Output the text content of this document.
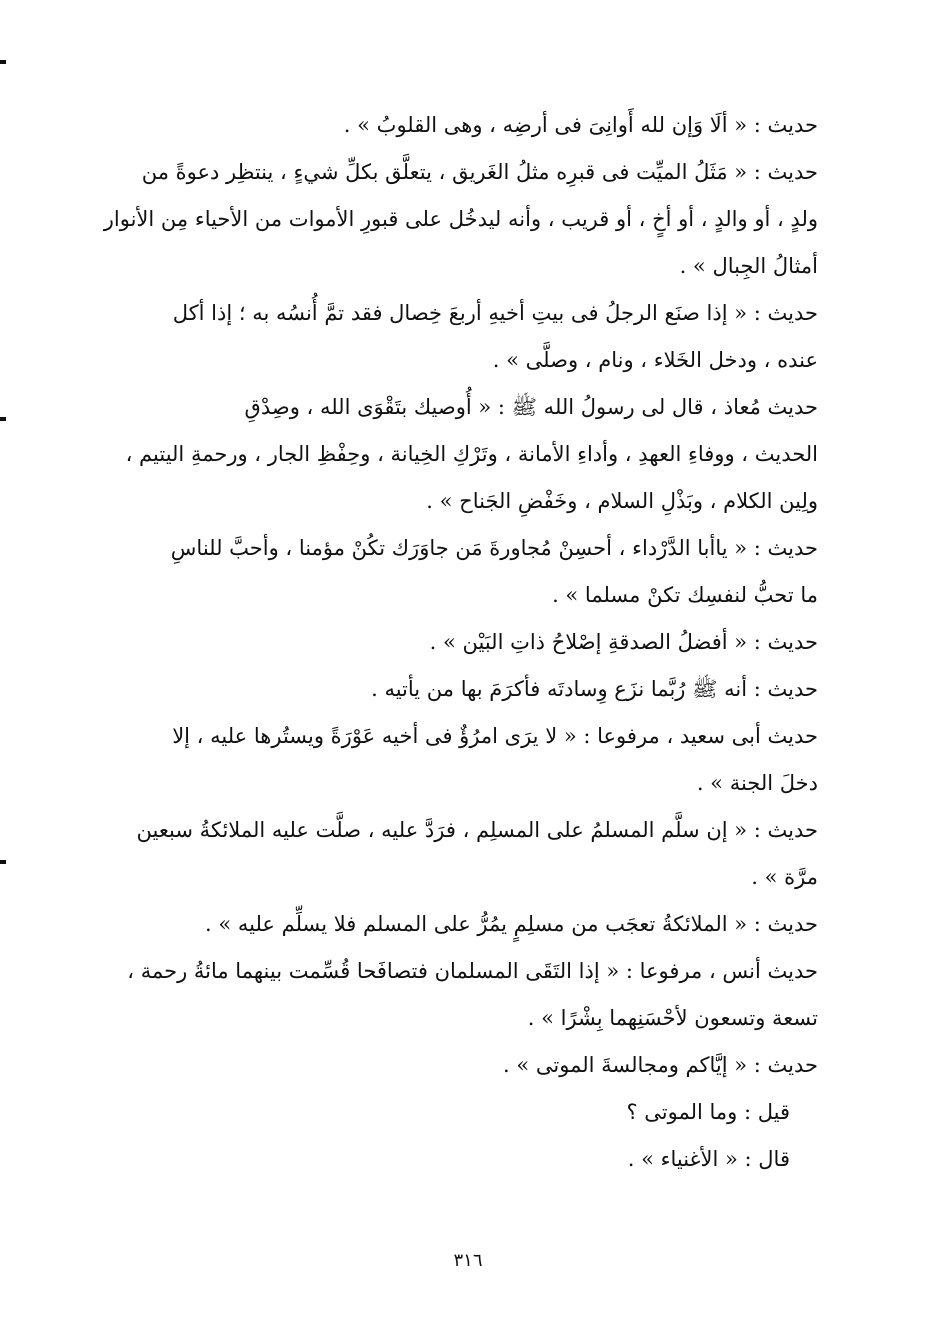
حديث : « ألَا وَإن لله أَوانِىَ فى أرضِه ، وهى القلوبُ » .
حديث : « مَثَلُ الميِّت فى قبرِه مثلُ الغَريق ، يتعلَّق بكلِّ شيءٍ ، ينتظِر دعوةً من
ولدٍ ، أو والدٍ ، أو أخٍ ، أو قريب ، وأنه ليدخُل على قبورِ الأموات من الأحياء مِن الأنوار
أمثالُ الجِبال » .
حديث : « إذا صنَع الرجلُ فى بيتِ أخيهِ أربعَ خِصال فقد تمَّ أُنسُه به ؛ إذا أكل
عنده ، ودخل الخَلاء ، ونام ، وصلَّى » .
حديث مُعاذ ، قال لى رسولُ الله ﷺ : « أُوصيك بتَقْوَى الله ، وصِدْقِ
الحديث ، ووفاءِ العهدِ ، وأداءِ الأمانة ، وتَرْكِ الخِيانة ، وحِفْظِ الجار ، ورحمةِ اليتيم ،
ولِين الكلام ، وبَذْلِ السلام ، وخَفْضِ الجَناح » .
حديث : « ياأبا الدَّرْداء ، أحسِنْ مُجاورةَ مَن جاوَرَك تكُنْ مؤمنا ، وأحبَّ للناسِ
ما تحبُّ لنفسِك تكنْ مسلما » .
حديث : « أفضلُ الصدقةِ إصْلاحُ ذاتِ البَيْن » .
حديث : أنه ﷺ رُبَّما نزَع وِسادتَه فأكرَمَ بها من يأتيه .
حديث أبى سعيد ، مرفوعا : « لا يرَى امرُؤٌ فى أخيه عَوْرَةً ويستُرها عليه ، إلا
دخلَ الجنة » .
حديث : « إن سلَّم المسلمُ على المسلِم ، فرَدَّ عليه ، صلَّت عليه الملائكةُ سبعين
مرَّة » .
حديث : « الملائكةُ تعجَب من مسلِمٍ يمُرُّ على المسلم فلا يسلِّم عليه » .
حديث أنس ، مرفوعا : « إذا التَقَى المسلمان فتصافَحا قُسِّمت بينهما مائةُ رحمة ،
تسعة وتسعون لأحْسَنِهما بِشْرًا » .
حديث : « إيَّاكم ومجالسةَ الموتى » .
قيل : وما الموتى ؟
قال : « الأغنياء » .
٣١٦
